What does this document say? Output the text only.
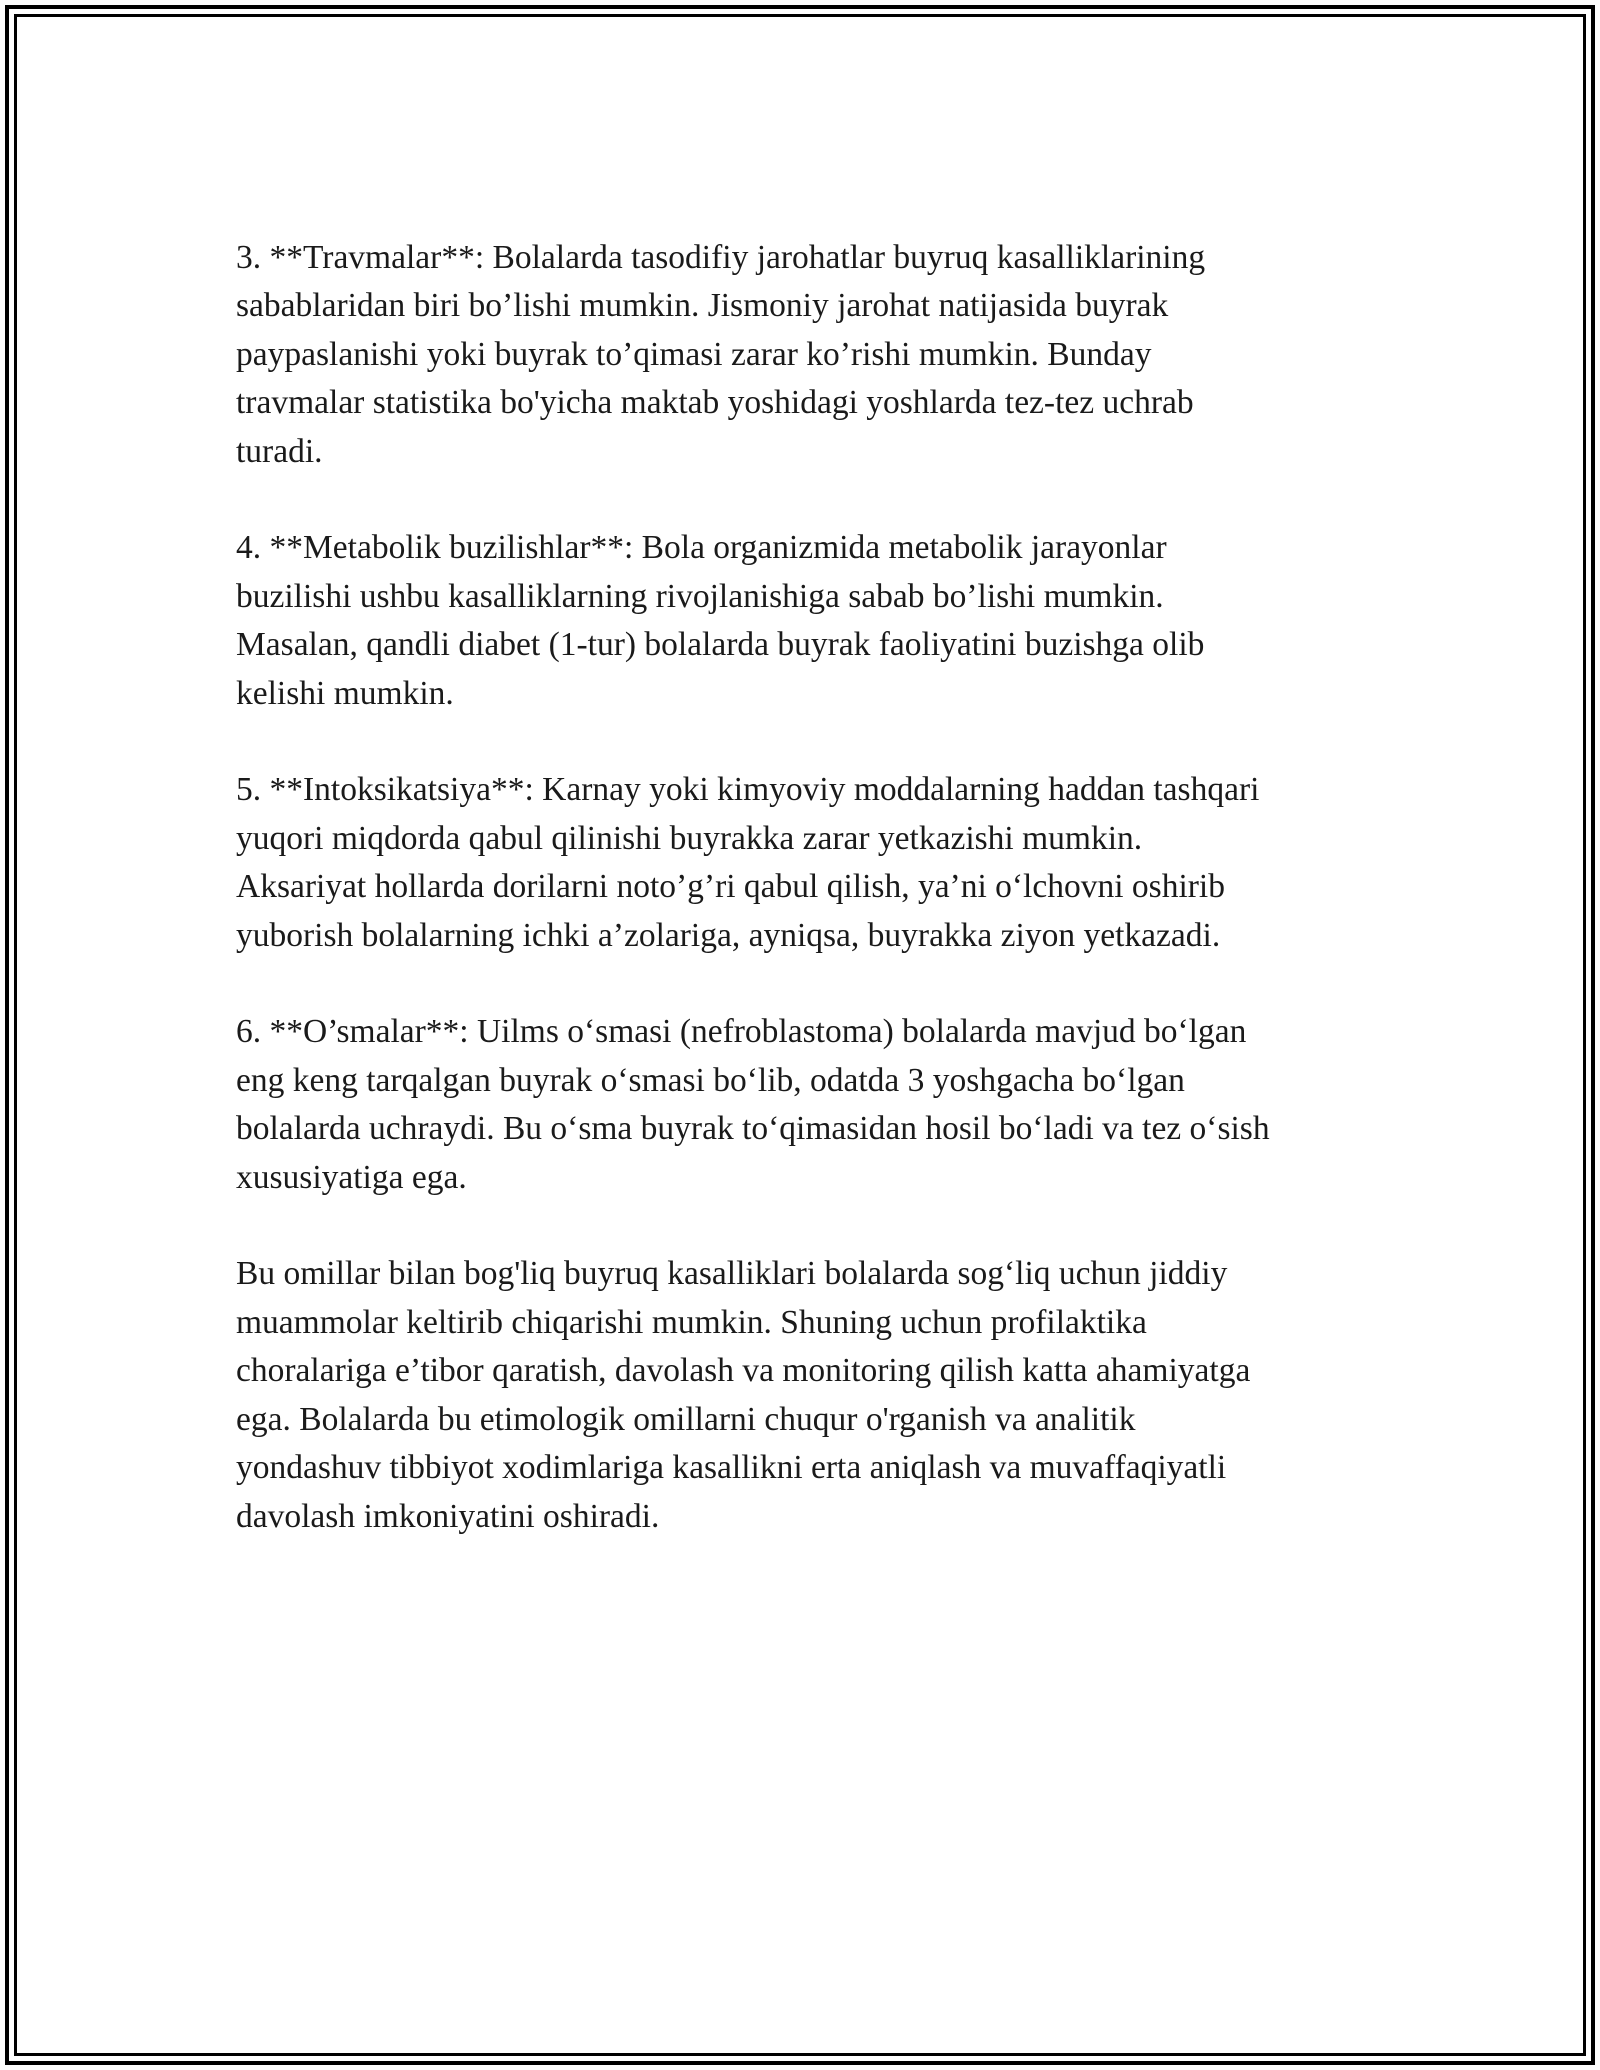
3. **Travmalar**: Bolalarda tasodifiy jarohatlar buyruq kasalliklarining
sabablaridan biri bo’lishi mumkin. Jismoniy jarohat natijasida buyrak
paypaslanishi yoki buyrak to’qimasi zarar ko’rishi mumkin. Bunday
travmalar statistika bo'yicha maktab yoshidagi yoshlarda tez-tez uchrab
turadi.

4. **Metabolik buzilishlar**: Bola organizmida metabolik jarayonlar
buzilishi ushbu kasalliklarning rivojlanishiga sabab bo’lishi mumkin.
Masalan, qandli diabet (1-tur) bolalarda buyrak faoliyatini buzishga olib
kelishi mumkin.

5. **Intoksikatsiya**: Karnay yoki kimyoviy moddalarning haddan tashqari
yuqori miqdorda qabul qilinishi buyrakka zarar yetkazishi mumkin.
Aksariyat hollarda dorilarni noto’g’ri qabul qilish, ya’ni o‘lchovni oshirib
yuborish bolalarning ichki a’zolariga, ayniqsa, buyrakka ziyon yetkazadi.

6. **O’smalar**: Uilms o‘smasi (nefroblastoma) bolalarda mavjud bo‘lgan
eng keng tarqalgan buyrak o‘smasi bo‘lib, odatda 3 yoshgacha bo‘lgan
bolalarda uchraydi. Bu o‘sma buyrak to‘qimasidan hosil bo‘ladi va tez o‘sish
xususiyatiga ega.

Bu omillar bilan bog'liq buyruq kasalliklari bolalarda sog‘liq uchun jiddiy
muammolar keltirib chiqarishi mumkin. Shuning uchun profilaktika
choralariga e’tibor qaratish, davolash va monitoring qilish katta ahamiyatga
ega. Bolalarda bu etimologik omillarni chuqur o'rganish va analitik
yondashuv tibbiyot xodimlariga kasallikni erta aniqlash va muvaffaqiyatli
davolash imkoniyatini oshiradi.
